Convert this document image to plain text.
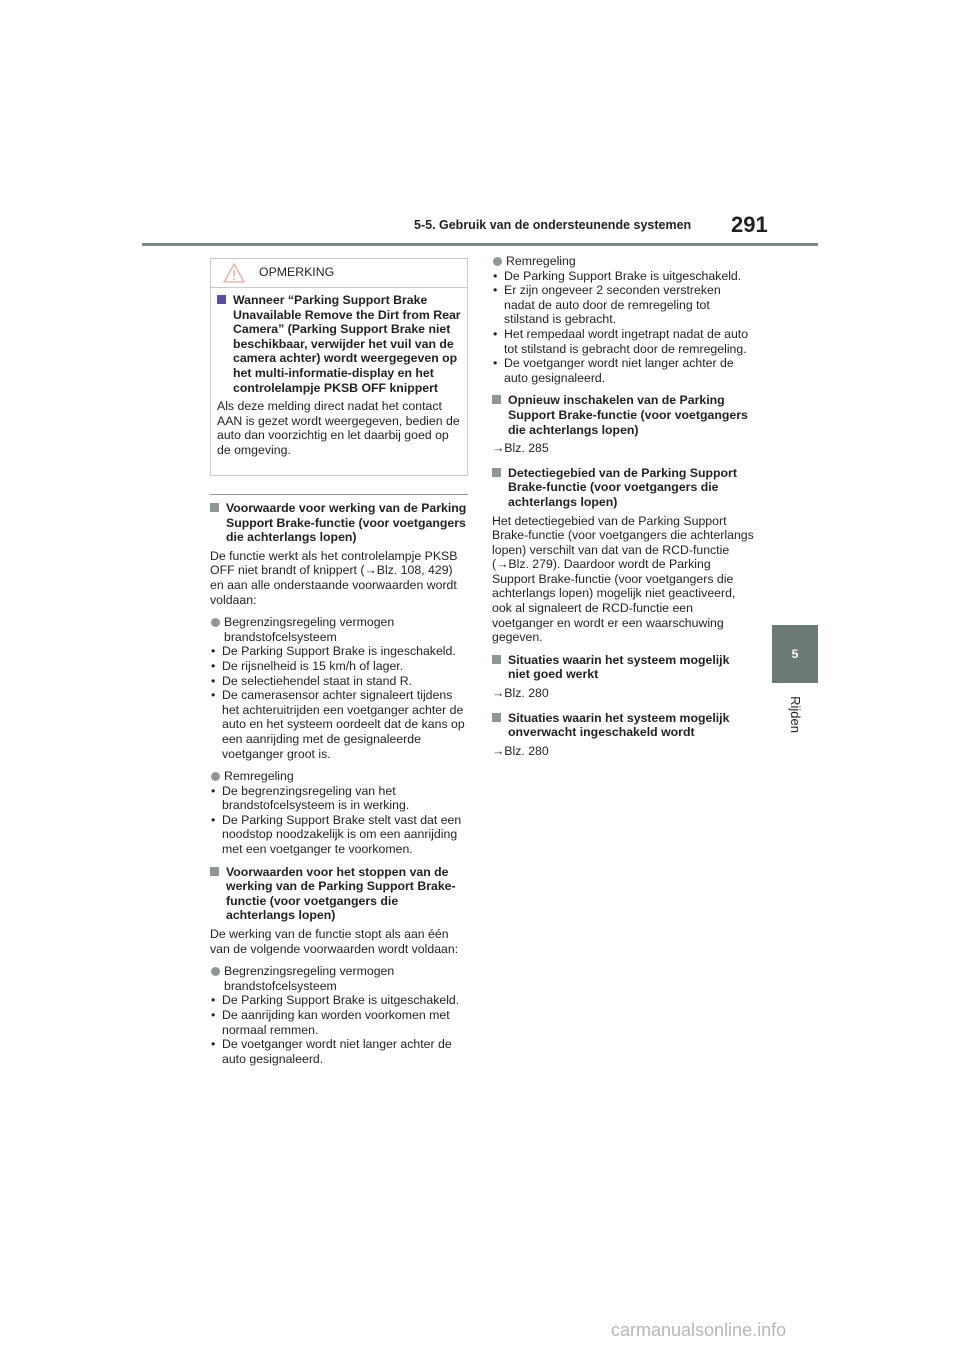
5-5. Gebruik van de ondersteunende systemen 291
5
Rijden
OPMERKING
Wanneer “Parking Support Brake Unavailable Remove the Dirt from Rear Camera” (Parking Support Brake niet beschikbaar, verwijder het vuil van de camera achter) wordt weergegeven op het multi-informatie-display en het controlelampje PKSB OFF knippert
Als deze melding direct nadat het contact AAN is gezet wordt weergegeven, bedien de auto dan voorzichtig en let daarbij goed op de omgeving.
Voorwaarde voor werking van de Parking Support Brake-functie (voor voetgangers die achterlangs lopen)
De functie werkt als het controlelampje PKSB OFF niet brandt of knippert (→Blz. 108, 429) en aan alle onderstaande voorwaarden wordt voldaan:
Begrenzingsregeling vermogen brandstofcelsysteem
• De Parking Support Brake is ingeschakeld.
• De rijsnelheid is 15 km/h of lager.
• De selectiehendel staat in stand R.
• De camerasensor achter signaleert tijdens het achteruitrijden een voetganger achter de auto en het systeem oordeelt dat de kans op een aanrijding met de gesignaleerde voetganger groot is.
Remregeling
• De begrenzingsregeling van het brandstofcelsysteem is in werking.
• De Parking Support Brake stelt vast dat een noodstop noodzakelijk is om een aanrijding met een voetganger te voorkomen.
Voorwaarden voor het stoppen van de werking van de Parking Support Brake-functie (voor voetgangers die achterlangs lopen)
De werking van de functie stopt als aan één van de volgende voorwaarden wordt voldaan:
Begrenzingsregeling vermogen brandstofcelsysteem
• De Parking Support Brake is uitgeschakeld.
• De aanrijding kan worden voorkomen met normaal remmen.
• De voetganger wordt niet langer achter de auto gesignaleerd.
Remregeling
• De Parking Support Brake is uitgeschakeld.
• Er zijn ongeveer 2 seconden verstreken nadat de auto door de remregeling tot stilstand is gebracht.
• Het rempedaal wordt ingetrapt nadat de auto tot stilstand is gebracht door de remregeling.
• De voetganger wordt niet langer achter de auto gesignaleerd.
Opnieuw inschakelen van de Parking Support Brake-functie (voor voetgangers die achterlangs lopen)
→Blz. 285
Detectiegebied van de Parking Support Brake-functie (voor voetgangers die achterlangs lopen)
Het detectiegebied van de Parking Support Brake-functie (voor voetgangers die achterlangs lopen) verschilt van dat van de RCD-functie (→Blz. 279). Daardoor wordt de Parking Support Brake-functie (voor voetgangers die achterlangs lopen) mogelijk niet geactiveerd, ook al signaleert de RCD-functie een voetganger en wordt er een waarschuwing gegeven.
Situaties waarin het systeem mogelijk niet goed werkt
→Blz. 280
Situaties waarin het systeem mogelijk onverwacht ingeschakeld wordt
→Blz. 280
carmanualsonline.info
